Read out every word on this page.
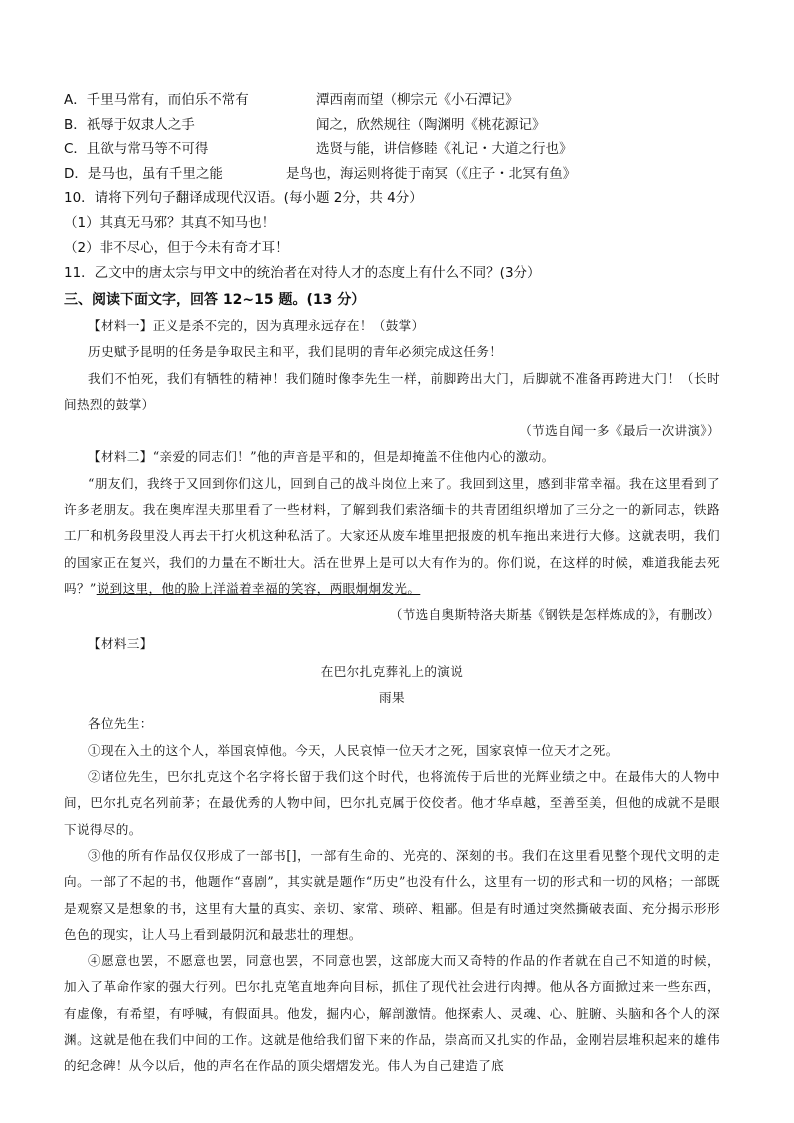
A．千里马常有，而伯乐不常有	潭西南而望（柳宗元《小石潭记》
B．祇辱于奴隶人之手	闻之，欣然规往（陶渊明《桃花源记》
C．且欲与常马等不可得	选贤与能，讲信修睦《礼记・大道之行也》
D．是马也，虽有千里之能	是鸟也，海运则将徙于南冥（《庄子・北冥有鱼》
10．请将下列句子翻译成现代汉语。(每小题 2分，共 4分）
（1）其真无马邪？其真不知马也！
（2）非不尽心，但于今未有奇才耳！
11．乙文中的唐太宗与甲文中的统治者在对待人才的态度上有什么不同？(3分）
三、阅读下面文字，回答 12~15 题。(13 分）

【材料一】正义是杀不完的，因为真理永远存在！（鼓掌）

历史赋予昆明的任务是争取民主和平，我们昆明的青年必须完成这任务！

我们不怕死，我们有牺牲的精神！我们随时像李先生一样，前脚跨出大门，后脚就不准备再跨进大门！（长时间热烈的鼓掌）

（节选自闻一多《最后一次讲演》）

【材料二】“亲爱的同志们！”他的声音是平和的，但是却掩盖不住他内心的激动。

“朋友们，我终于又回到你们这儿，回到自己的战斗岗位上来了。我回到这里，感到非常幸福。我在这里看到了许多老朋友。我在奥库涅夫那里看了一些材料，了解到我们索洛缅卡的共青团组织增加了三分之一的新同志，铁路工厂和机务段里没人再去干打火机这种私活了。大家还从废车堆里把报废的机车拖出来进行大修。这就表明，我们的国家正在复兴，我们的力量在不断壮大。活在世界上是可以大有作为的。你们说，在这样的时候，难道我能去死吗？”说到这里，他的脸上洋溢着幸福的笑容，两眼炯炯发光。

（节选自奥斯特洛夫斯基《钢铁是怎样炼成的》，有删改）

【材料三】

在巴尔扎克葬礼上的演说

雨果

各位先生：

①现在入土的这个人，举国哀悼他。今天，人民哀悼一位天才之死，国家哀悼一位天才之死。

②诸位先生，巴尔扎克这个名字将长留于我们这个时代，也将流传于后世的光辉业绩之中。在最伟大的人物中间，巴尔扎克名列前茅；在最优秀的人物中间，巴尔扎克属于佼佼者。他才华卓越，至善至美，但他的成就不是眼下说得尽的。

③他的所有作品仅仅形成了一部书[]，一部有生命的、光亮的、深刻的书。我们在这里看见整个现代文明的走向。一部了不起的书，他题作“喜剧”，其实就是题作“历史”也没有什么，这里有一切的形式和一切的风格；一部既是观察又是想象的书，这里有大量的真实、亲切、家常、琐碎、粗鄙。但是有时通过突然撕破表面、充分揭示形形色色的现实，让人马上看到最阴沉和最悲壮的理想。

④愿意也罢，不愿意也罢，同意也罢，不同意也罢，这部庞大而又奇特的作品的作者就在自己不知道的时候，加入了革命作家的强大行列。巴尔扎克笔直地奔向目标，抓住了现代社会进行肉搏。他从各方面掀过来一些东西，有虚像，有希望，有呼喊，有假面具。他发，掘内心，解剖激情。他探索人、灵魂、心、脏腑、头脑和各个人的深渊。这就是他在我们中间的工作。这就是他给我们留下来的作品，崇高而又扎实的作品，金刚岩层堆积起来的雄伟的纪念碑！从今以后，他的声名在作品的顶尖熠熠发光。伟人为自己建造了底
